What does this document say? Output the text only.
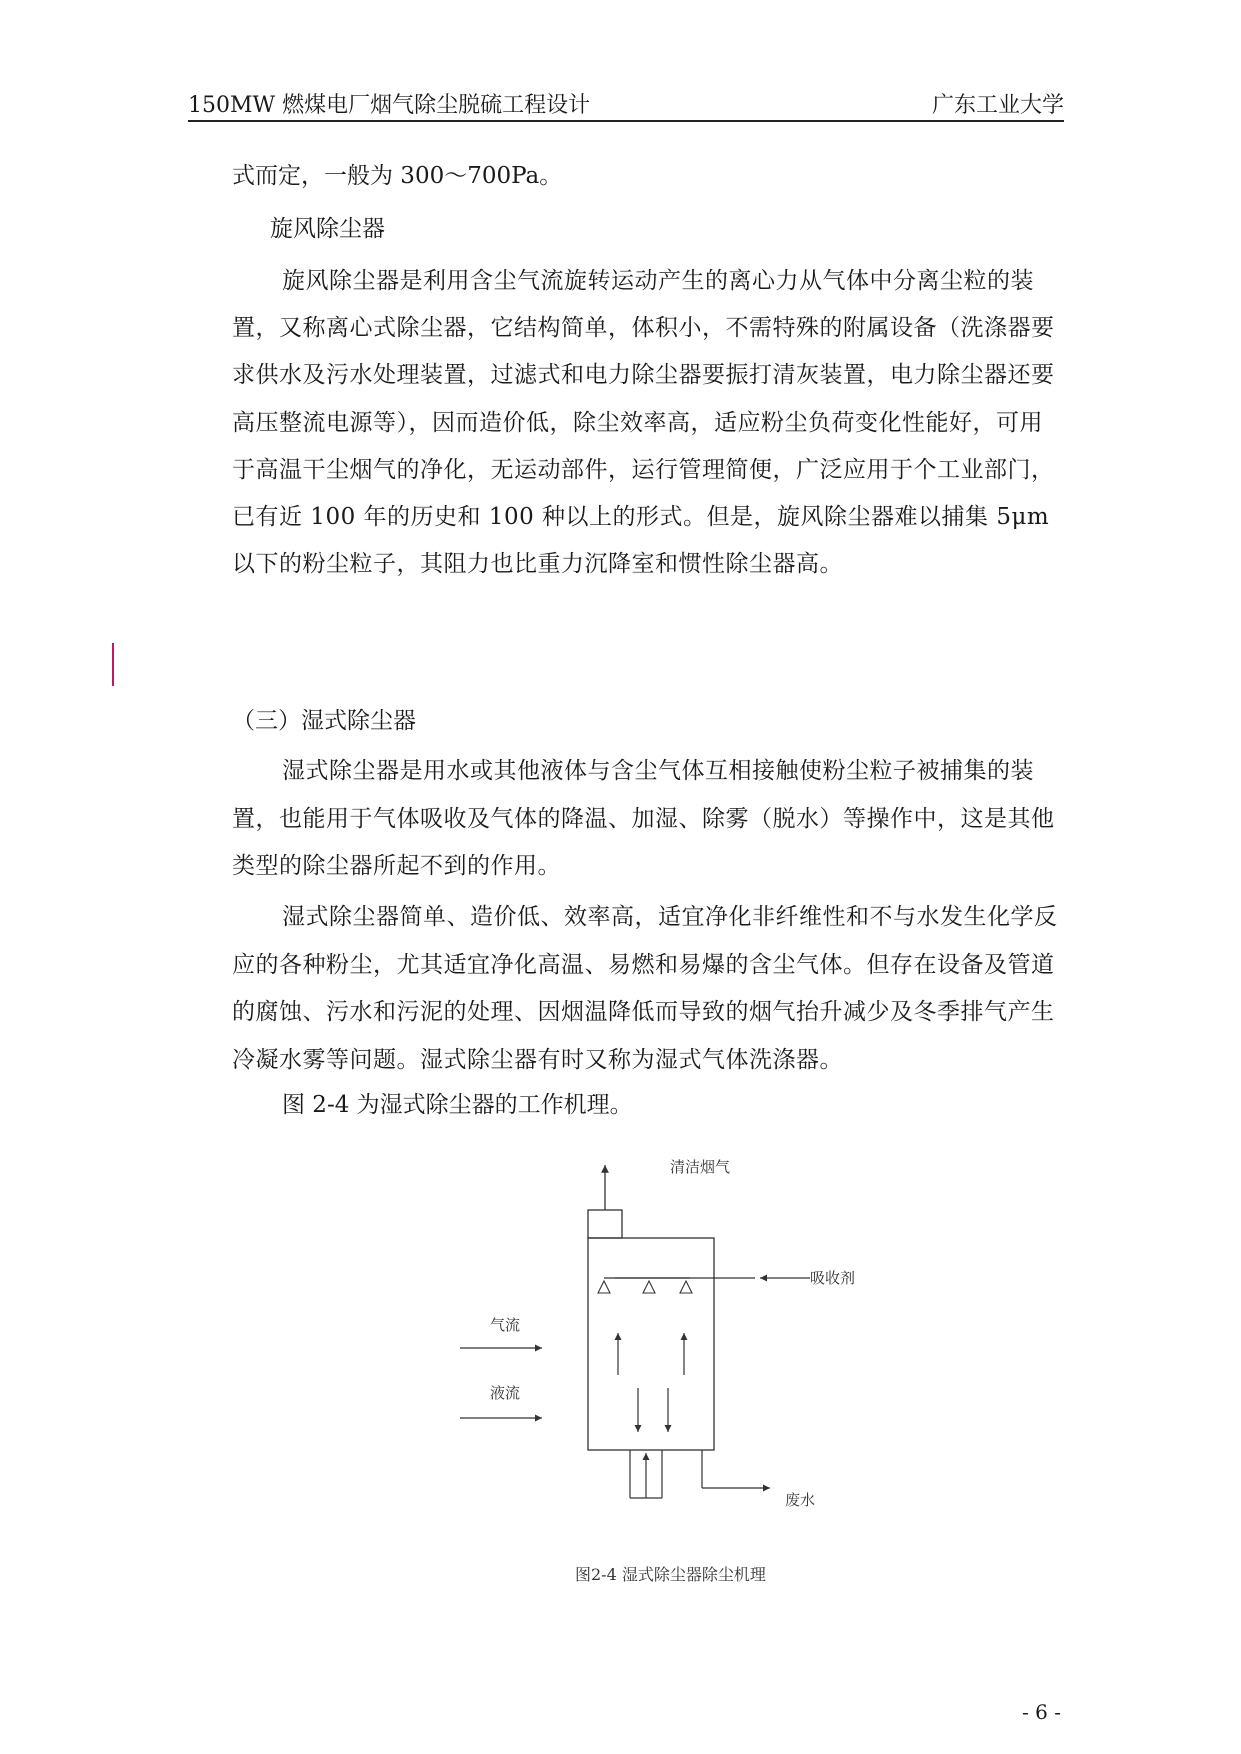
150MW 燃煤电厂烟气除尘脱硫工程设计	广东工业大学
式而定，一般为 300～700Pa。
旋风除尘器
旋风除尘器是利用含尘气流旋转运动产生的离心力从气体中分离尘粒的装置，又称离心式除尘器，它结构简单，体积小，不需特殊的附属设备（洗涤器要求供水及污水处理装置，过滤式和电力除尘器要振打清灰装置，电力除尘器还要高压整流电源等），因而造价低，除尘效率高，适应粉尘负荷变化性能好，可用于高温干尘烟气的净化，无运动部件，运行管理简便，广泛应用于个工业部门，已有近 100 年的历史和 100 种以上的形式。但是，旋风除尘器难以捕集 5μm 以下的粉尘粒子，其阻力也比重力沉降室和惯性除尘器高。
（三）湿式除尘器
湿式除尘器是用水或其他液体与含尘气体互相接触使粉尘粒子被捕集的装置，也能用于气体吸收及气体的降温、加湿、除雾（脱水）等操作中，这是其他类型的除尘器所起不到的作用。
湿式除尘器简单、造价低、效率高，适宜净化非纤维性和不与水发生化学反应的各种粉尘，尤其适宜净化高温、易燃和易爆的含尘气体。但存在设备及管道的腐蚀、污水和污泥的处理、因烟温降低而导致的烟气抬升减少及冬季排气产生冷凝水雾等问题。湿式除尘器有时又称为湿式气体洗涤器。
图 2-4 为湿式除尘器的工作机理。
清洁烟气
吸收剂
气流
液流
废水
图2-4 湿式除尘器除尘机理
- 6 -
